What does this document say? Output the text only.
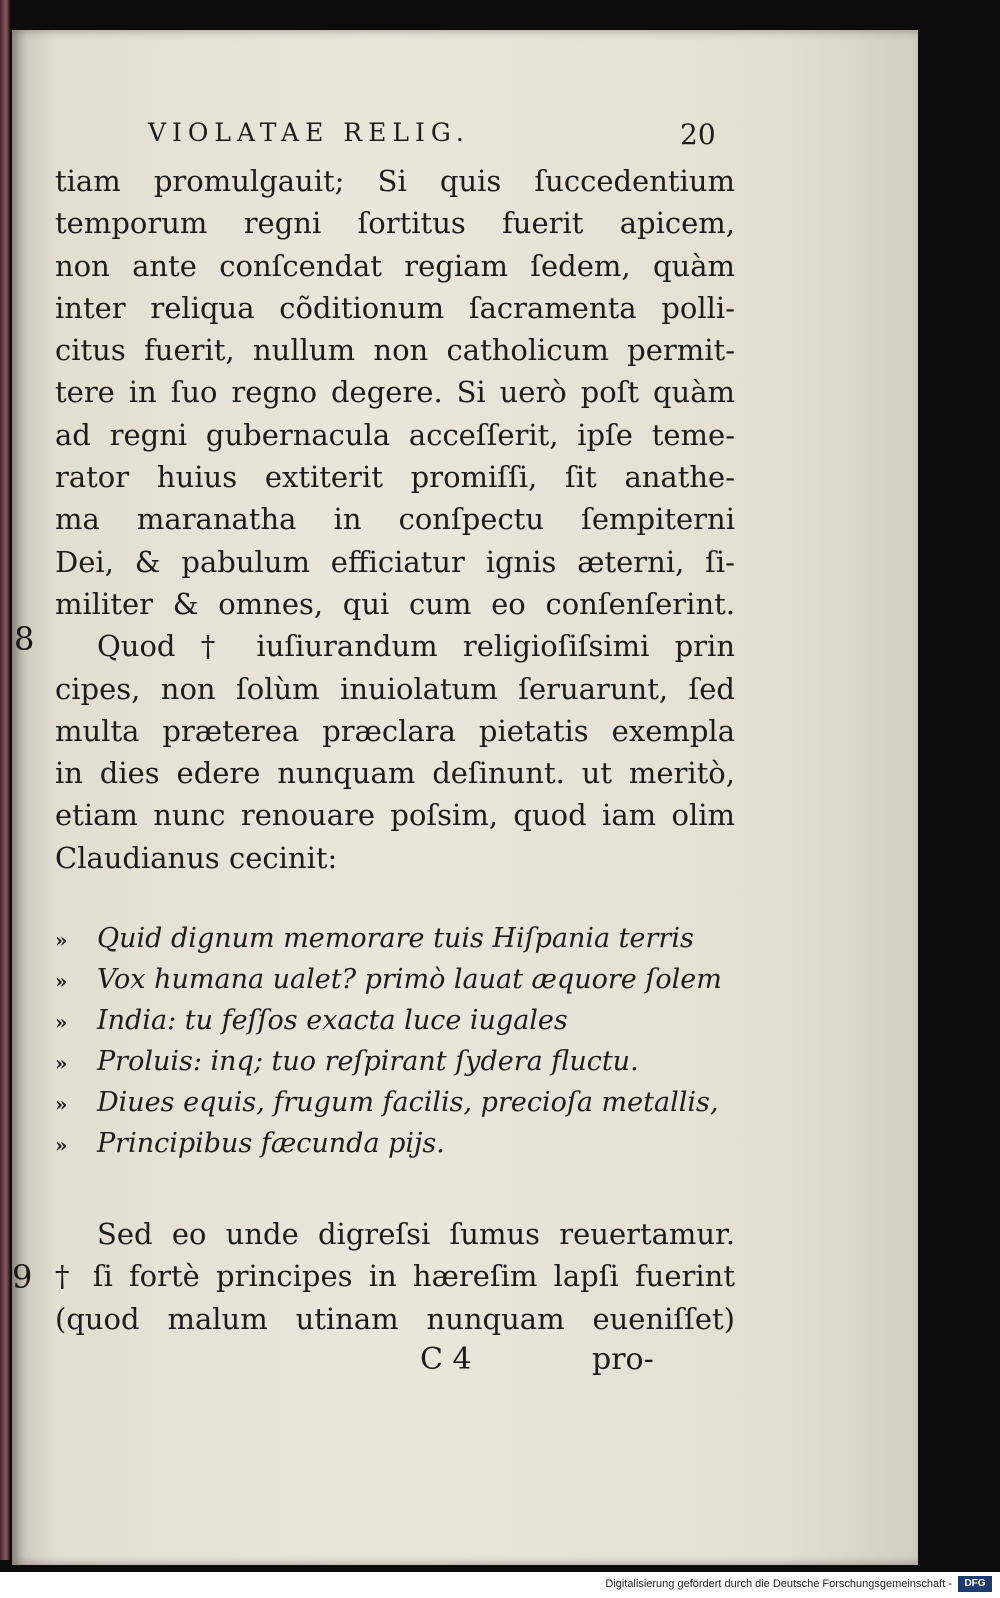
VIOLATAE RELIG.	20
tiam promulgauit; Si quis ſuccedentium
temporum regni ſortitus fuerit apicem,
non ante conſcendat regiam ſedem, quàm
inter reliqua cõditionum ſacramenta polli-
citus fuerit, nullum non catholicum permit-
tere in ſuo regno degere. Si uerò poſt quàm
ad regni gubernacula acceſſerit, ipſe teme-
rator huius extiterit promiſſi, ſit anathe-
ma maranatha in conſpectu ſempiterni
Dei, & pabulum efficiatur ignis æterni, ſi-
militer & omnes, qui cum eo conſenſerint.
Quod † iuſiurandum religioſiſsimi prin
cipes, non ſolùm inuiolatum ſeruarunt, ſed
multa præterea præclara pietatis exempla
in dies edere nunquam deſinunt. ut meritò,
etiam nunc renouare poſsim, quod iam olim
Claudianus cecinit:
8
9
» Quid dignum memorare tuis Hiſpania terris
» Vox humana ualet? primò lauat æquore ſolem
» India: tu feſſos exacta luce iugales
» Proluis: inq; tuo reſpirant ſydera fluctu.
» Diues equis, frugum facilis, precioſa metallis,
» Principibus fæcunda pijs.
Sed eo unde digreſsi ſumus reuertamur.
† ſi fortè principes in hæreſim lapſi fuerint
(quod malum utinam nunquam eueniſſet)
C 4	pro-
Digitalisierung gefördert durch die Deutsche Forschungsgemeinschaft -	DFG
